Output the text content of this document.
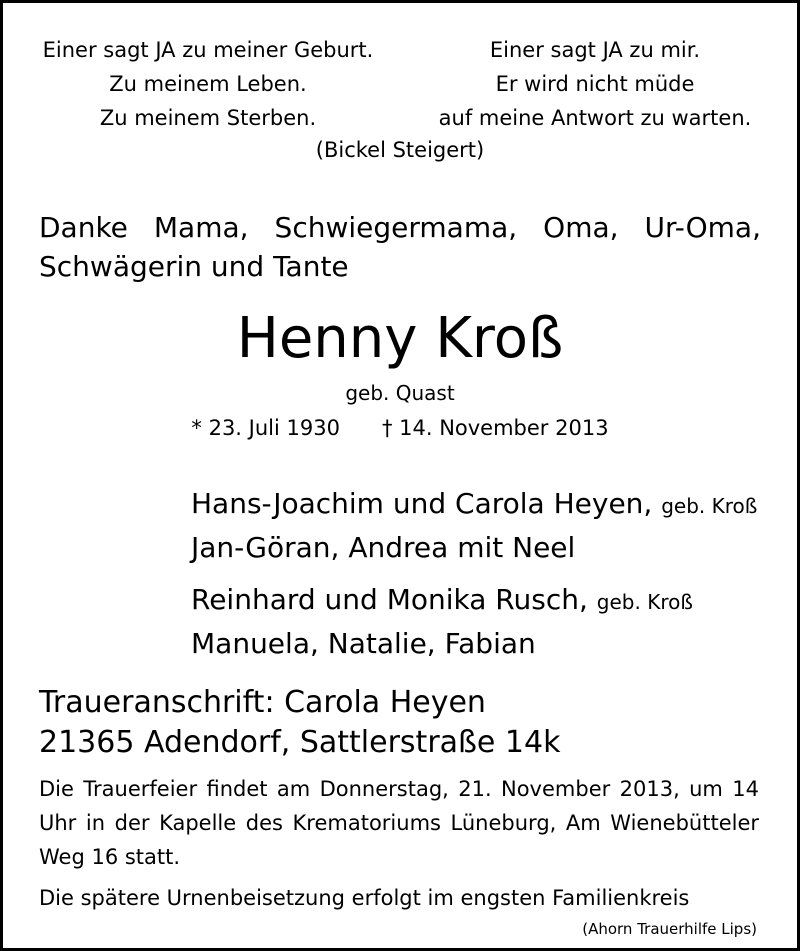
Einer sagt JA zu meiner Geburt.
Zu meinem Leben.
Zu meinem Sterben.
Einer sagt JA zu mir.
Er wird nicht müde
auf meine Antwort zu warten.
(Bickel Steigert)
Danke Mama, Schwiegermama, Oma, Ur-Oma, Schwägerin und Tante
Henny Kroß
geb. Quast
* 23. Juli 1930 † 14. November 2013
Hans-Joachim und Carola Heyen, geb. Kroß
Jan-Göran, Andrea mit Neel
Reinhard und Monika Rusch, geb. Kroß
Manuela, Natalie, Fabian
Traueranschrift: Carola Heyen
21365 Adendorf, Sattlerstraße 14k
Die Trauerfeier findet am Donnerstag, 21. November 2013, um 14 Uhr in der Kapelle des Krematoriums Lüneburg, Am Wienebütteler Weg 16 statt.
Die spätere Urnenbeisetzung erfolgt im engsten Familienkreis
(Ahorn Trauerhilfe Lips)
